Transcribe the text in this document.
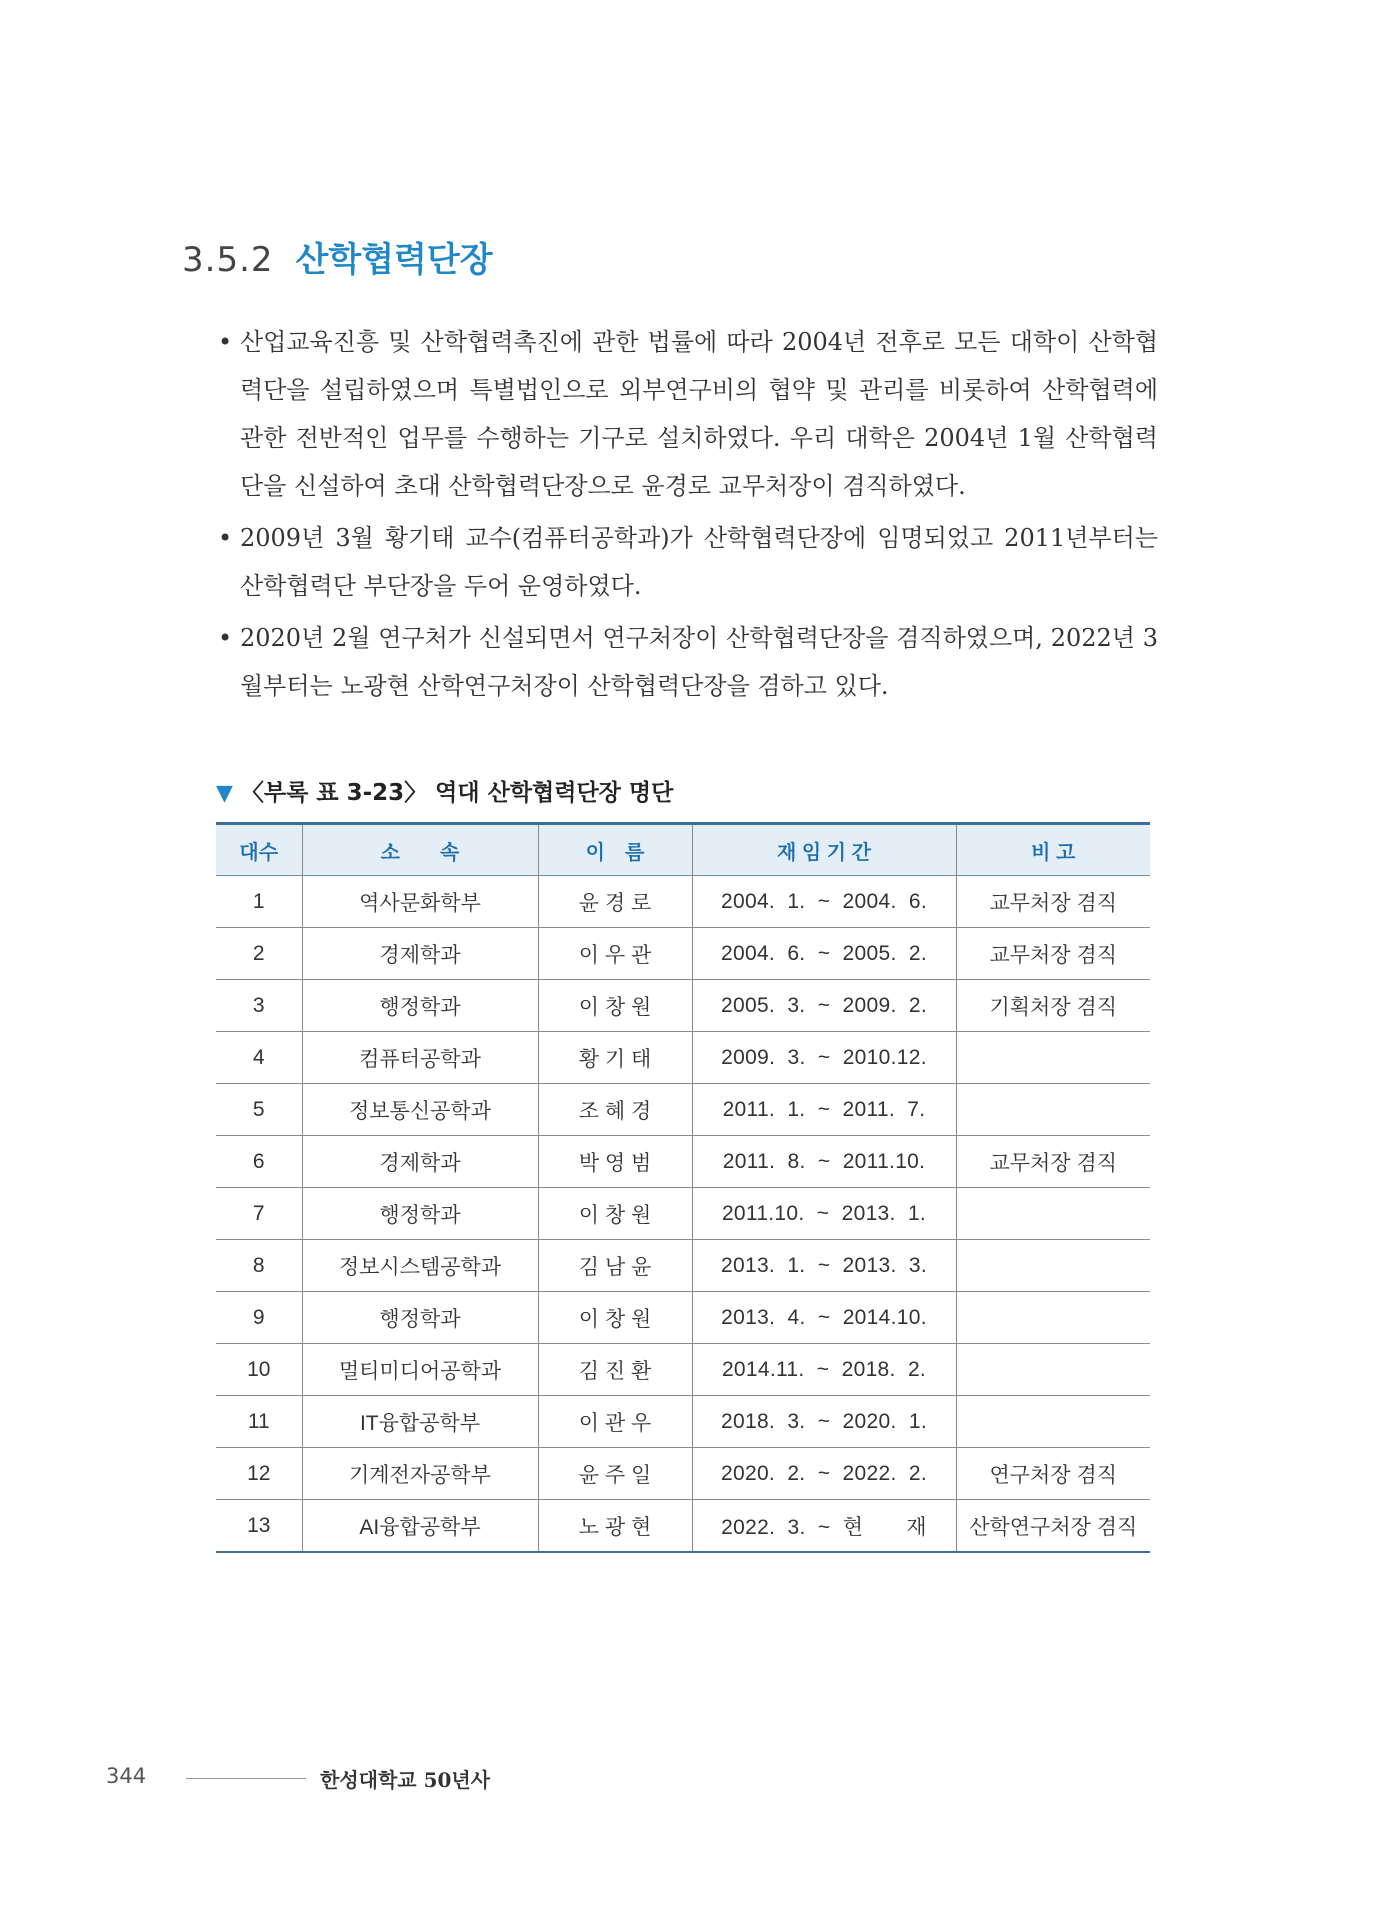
3.5.2 산학협력단장
• 산업교육진흥 및 산학협력촉진에 관한 법률에 따라 2004년 전후로 모든 대학이 산학협력단을 설립하였으며 특별법인으로 외부연구비의 협약 및 관리를 비롯하여 산학협력에 관한 전반적인 업무를 수행하는 기구로 설치하였다. 우리 대학은 2004년 1월 산학협력단을 신설하여 초대 산학협력단장으로 윤경로 교무처장이 겸직하였다.
• 2009년 3월 황기태 교수(컴퓨터공학과)가 산학협력단장에 임명되었고 2011년부터는 산학협력단 부단장을 두어 운영하였다.
• 2020년 2월 연구처가 신설되면서 연구처장이 산학협력단장을 겸직하였으며, 2022년 3월부터는 노광현 산학연구처장이 산학협력단장을 겸하고 있다.

▼ 〈부록 표 3-23〉 역대 산학협력단장 명단

대수	소　　속	이　름	재 임 기 간	비 고
1	역사문화학부	윤 경 로	2004.  1.  ~  2004.  6.	교무처장 겸직
2	경제학과	이 우 관	2004.  6.  ~  2005.  2.	교무처장 겸직
3	행정학과	이 창 원	2005.  3.  ~  2009.  2.	기획처장 겸직
4	컴퓨터공학과	황 기 태	2009.  3.  ~  2010.12.	
5	정보통신공학과	조 혜 경	2011.  1.  ~  2011.  7.	
6	경제학과	박 영 범	2011.  8.  ~  2011.10.	교무처장 겸직
7	행정학과	이 창 원	2011.10.  ~  2013.  1.	
8	정보시스템공학과	김 남 윤	2013.  1.  ~  2013.  3.	
9	행정학과	이 창 원	2013.  4.  ~  2014.10.	
10	멀티미디어공학과	김 진 환	2014.11.  ~  2018.  2.	
11	IT융합공학부	이 관 우	2018.  3.  ~  2020.  1.	
12	기계전자공학부	윤 주 일	2020.  2.  ~  2022.  2.	연구처장 겸직
13	AI융합공학부	노 광 현	2022.  3.  ~  현       재	산학연구처장 겸직
344	한성대학교 50년사
